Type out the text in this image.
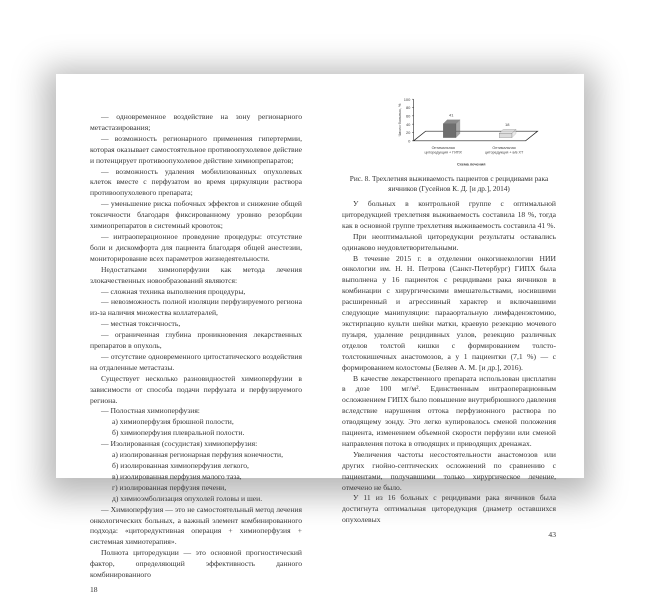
— одновременное воздействие на зону регионарного метастазирования;

— возможность регионарного применения гипертермии, которая оказывает самостоятельное противоопухолевое действие и потенцирует противоопухолевое действие химиопрепаратов;

— возможность удаления мобилизованных опухолевых клеток вместе с перфузатом во время циркуляции раствора противоопухолевого препарата;

— уменьшение риска побочных эффектов и снижение общей токсичности благодаря фиксированному уровню резорбции химиопрепаратов в системный кровоток;

— интраоперационное проведение процедуры: отсутствие боли и дискомфорта для пациента благодаря общей анестезии, мониторирование всех параметров жизнедеятельности.

Недостатками химиоперфузии как метода лечения злокачественных новообразований являются:

— сложная техника выполнения процедуры,

— невозможность полной изоляции перфузируемого региона из-за наличия множества коллатералей,

— местная токсичность,

— ограниченная глубина проникновения лекарственных препаратов в опухоль,

— отсутствие одновременного цитостатического воздействия на отдаленные метастазы.

Существует несколько разновидностей химиоперфузии в зависимости от способа подачи перфузата и перфузируемого региона.

— Полостная химиоперфузия:

а) химиоперфузия брюшной полости,

б) химиоперфузия плевральной полости.

— Изолированная (сосудистая) химиоперфузия:

а) изолированная регионарная перфузия конечности,

б) изолированная химиоперфузия легкого,

в) изолированная перфузия малого таза,

г) изолированная перфузия печени,

д) химиоэмболизация опухолей головы и шеи.

— Химиоперфузия — это не самостоятельный метод лечения онкологических больных, а важный элемент комбинированного подхода: «циторедуктивная операция + химиоперфузия + системная химиотерапия».

Полнота циторедукции — это основной прогностический фактор, определяющий эффективность данного комбинированного

18
0
20
40
60
80
100
Число больных, %	41
Оптимальная
циторедукция + ГИПХ
18
Оптимальная
циторедукция + в/в ХТ
Схема лечения
Рис. 8. Трехлетняя выживаемость пациентов с рецидивами рака яичников (Гусейнов К. Д. [и др.], 2014)

У больных в контрольной группе с оптимальной циторедукцией трехлетняя выживаемость составила 18 %, тогда как в основной группе трехлетняя выживаемость составила 41 %.

При неоптимальной циторедукции результаты оставались одинаково неудовлетворительными.

В течение 2015 г. в отделении онкогинекологии НИИ онкологии им. Н. Н. Петрова (Санкт-Петербург) ГИПХ была выполнена у 16 пациенток с рецидивами рака яичников в комбинации с хирургическими вмешательствами, носившими расширенный и агрессивный характер и включавшими следующие манипуляции: парааортальную лимфаденэктомию, экстирпацию культи шейки матки, краевую резекцию мочевого пузыря, удаление рецидивных узлов, резекцию различных отделов толстой кишки с формированием толсто-толстокишечных анастомозов, а у 1 пациентки (7,1 %) — с формированием колостомы (Беляев А. М. [и др.], 2016).

В качестве лекарственного препарата использован цисплатин в дозе 100 мг/м². Единственным интраоперационным осложнением ГИПХ было повышение внутрибрюшного давления вследствие нарушения оттока перфузионного раствора по отводящему зонду. Это легко купировалось сменой положения пациента, изменением объемной скорости перфузии или сменой направления потока в отводящих и приводящих дренажах.

Увеличения частоты несостоятельности анастомозов или других гнойно-септических осложнений по сравнению с пациентами, получавшими только хирургическое лечение, отмечено не было.

У 11 из 16 больных с рецидивами рака яичников была достигнута оптимальная циторедукция (диаметр оставшихся опухолевых

43
